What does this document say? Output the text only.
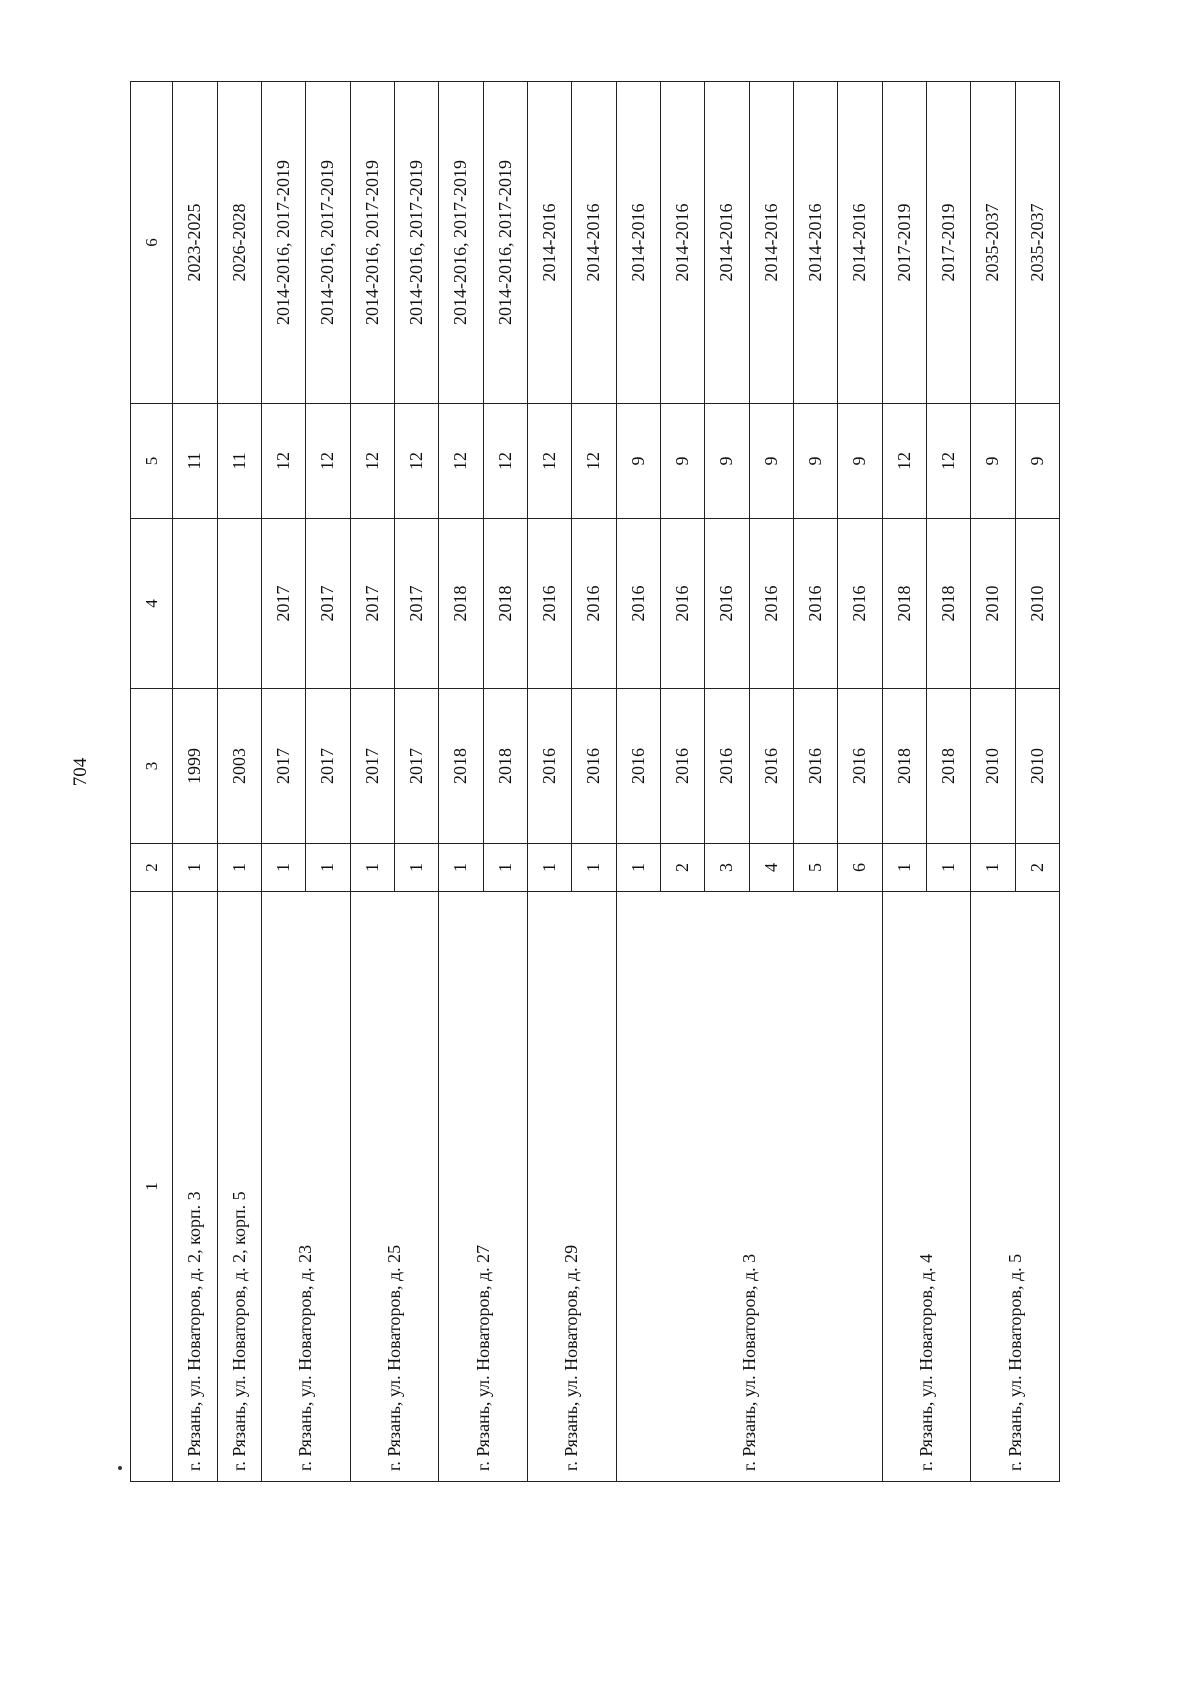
704
1	2	3	4	5	6
г. Рязань, ул. Новаторов, д. 2, корп. 3	1	1999		11	2023-2025
г. Рязань, ул. Новаторов, д. 2, корп. 5	1	2003		11	2026-2028
г. Рязань, ул. Новаторов, д. 23	1	2017	2017	12	2014-2016, 2017-2019
	1	2017	2017	12	2014-2016, 2017-2019
г. Рязань, ул. Новаторов, д. 25	1	2017	2017	12	2014-2016, 2017-2019
	1	2017	2017	12	2014-2016, 2017-2019
г. Рязань, ул. Новаторов, д. 27	1	2018	2018	12	2014-2016, 2017-2019
	1	2018	2018	12	2014-2016, 2017-2019
г. Рязань, ул. Новаторов, д. 29	1	2016	2016	12	2014-2016
	1	2016	2016	12	2014-2016
г. Рязань, ул. Новаторов, д. 3	1	2016	2016	9	2014-2016
	2	2016	2016	9	2014-2016
	3	2016	2016	9	2014-2016
	4	2016	2016	9	2014-2016
	5	2016	2016	9	2014-2016
	6	2016	2016	9	2014-2016
г. Рязань, ул. Новаторов, д. 4	1	2018	2018	12	2017-2019
	1	2018	2018	12	2017-2019
г. Рязань, ул. Новаторов, д. 5	1	2010	2010	9	2035-2037
	2	2010	2010	9	2035-2037
